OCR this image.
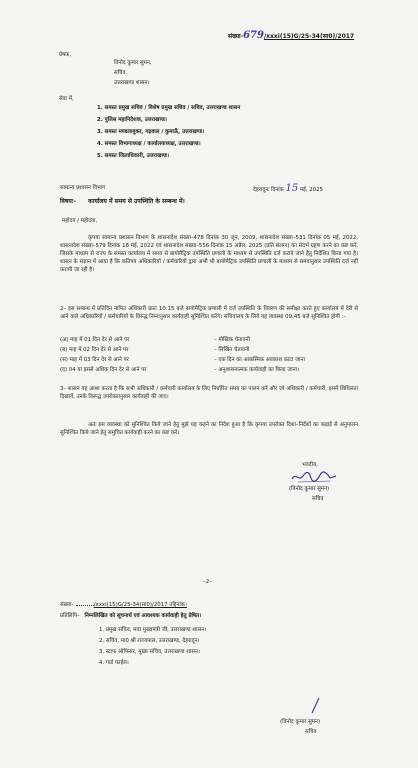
संख्या-679/xxxi(15)G/25-34(सा0)/2017
प्रेषक,
विनोद कुमार सुमन,
सचिव,
उत्तराखण्ड शासन।
सेवा में,
1. समस्त प्रमुख सचिव / विशेष प्रमुख सचिव / सचिव, उत्तराखण्ड शासन
2. पुलिस महानिदेशक, उत्तराखण्ड।
3. समस्त मण्डलायुक्त, गढ़वाल / कुमाऊँ, उत्तराखण्ड।
4. समस्त विभागाध्यक्ष / कार्यालयाध्यक्ष, उत्तराखण्ड।
5. समस्त जिलाधिकारी, उत्तराखण्ड।
सामान्य प्रशासन विभाग	देहरादूनः दिनांक 15 मई, 2025
विषयः– कार्यालय में समय से उपस्थिति के सम्बन्ध में।
महोदय / महोदया,
कृपया सामान्य प्रशासन विभाग के शासनादेश संख्या–478 दिनांक 30 जून, 2009, शासनादेश संख्या–531 दिनांक 05 मई, 2022, शासनादेश संख्या–579 दिनांक 18 मई, 2022 एवं शासनादेश संख्या–556 दिनांक 15 अप्रैल, 2025 (प्रति संलग्न) का संदर्भ ग्रहण करने का कष्ट करें, जिसके माध्यम से राज्य के समस्त कार्यालय में समय से बायोमैट्रिक उपस्थिति प्रणाली के माध्यम से उपस्थिति दर्ज कराये जाने हेतु निर्देशित किया गया है। शासन के संज्ञान में आया है कि कतिपय अधिकारियों / कर्मचारियों द्वारा अभी भी बायोमैट्रिक उपस्थिति प्रणाली के माध्यम से समयानुसार उपस्थिति दर्ज नहीं करायी जा रही है।
2– इस सम्बन्ध में प्रतिदिन नामित अधिकारी प्रातः 10:15 बजे बायोमैट्रिक प्रणाली में दर्ज उपस्थिति के विवरण की समीक्षा करते हुए कार्यालय में देरी से आने वाले अधिकारियों / कर्मचारियों के विरुद्ध निम्नानुसार कार्यवाही सुनिश्चित करेंगे। सचिवालय के लिये यह व्यवस्था 09:45 बजे सुनिश्चित होगी :–
(अ) माह में 01 दिन देर से आने पर	– मौखिक चेतावनी
(ब) माह में 02 दिन देर से आने पर	– लिखित चेतावनी
(स) माह में 03 दिन देर से आने पर	– एक दिन का आकस्मिक अवकाश काटा जाना
(द) 04 या इससे अधिक दिन देर से आने पर	– अनुशासनात्मक कार्यवाही का किया जाना।
3– शासन यह आशा करता है कि सभी अधिकारी / कर्मचारी कार्यालय के लिए निर्धारित समय का पालन करें और जो अधिकारी / कर्मचारी, इसमें शिथिलता दिखायें, उनके विरूद्ध उपरोक्तानुसार कार्यवाही की जाए।
अतः इस व्यवस्था को सुनिश्चित किये जाने हेतु मुझे यह कहने का निदेश हुआ है कि कृपया उपरोक्त दिशा–निर्देशों का कड़ाई से अनुपालन सुनिश्चित किये जाने हेतु समुचित कार्यवाही करने का कष्ट करें।
भवदीय,
(विनोद कुमार सुमन)
सचिव
–2–
संख्या–	/xxxi(15)G/25-34(सा0)/2017 तद्दिनांक।
प्रतिलिपि– निम्नलिखित को सूचनार्थ एवं आवश्यक कार्यवाही हेतु प्रेषित।
1. प्रमुख सचिव, मा0 मुख्यमंत्री जी, उत्तराखण्ड शासन।
2. सचिव, मा0 श्री राज्यपाल, उत्तराखण्ड, देहरादून।
3. स्टाफ ऑफिसर, मुख्य सचिव, उत्तराखण्ड शासन।
4. गार्ड फाईल।
(विनोद कुमार सुमन)
सचिव
